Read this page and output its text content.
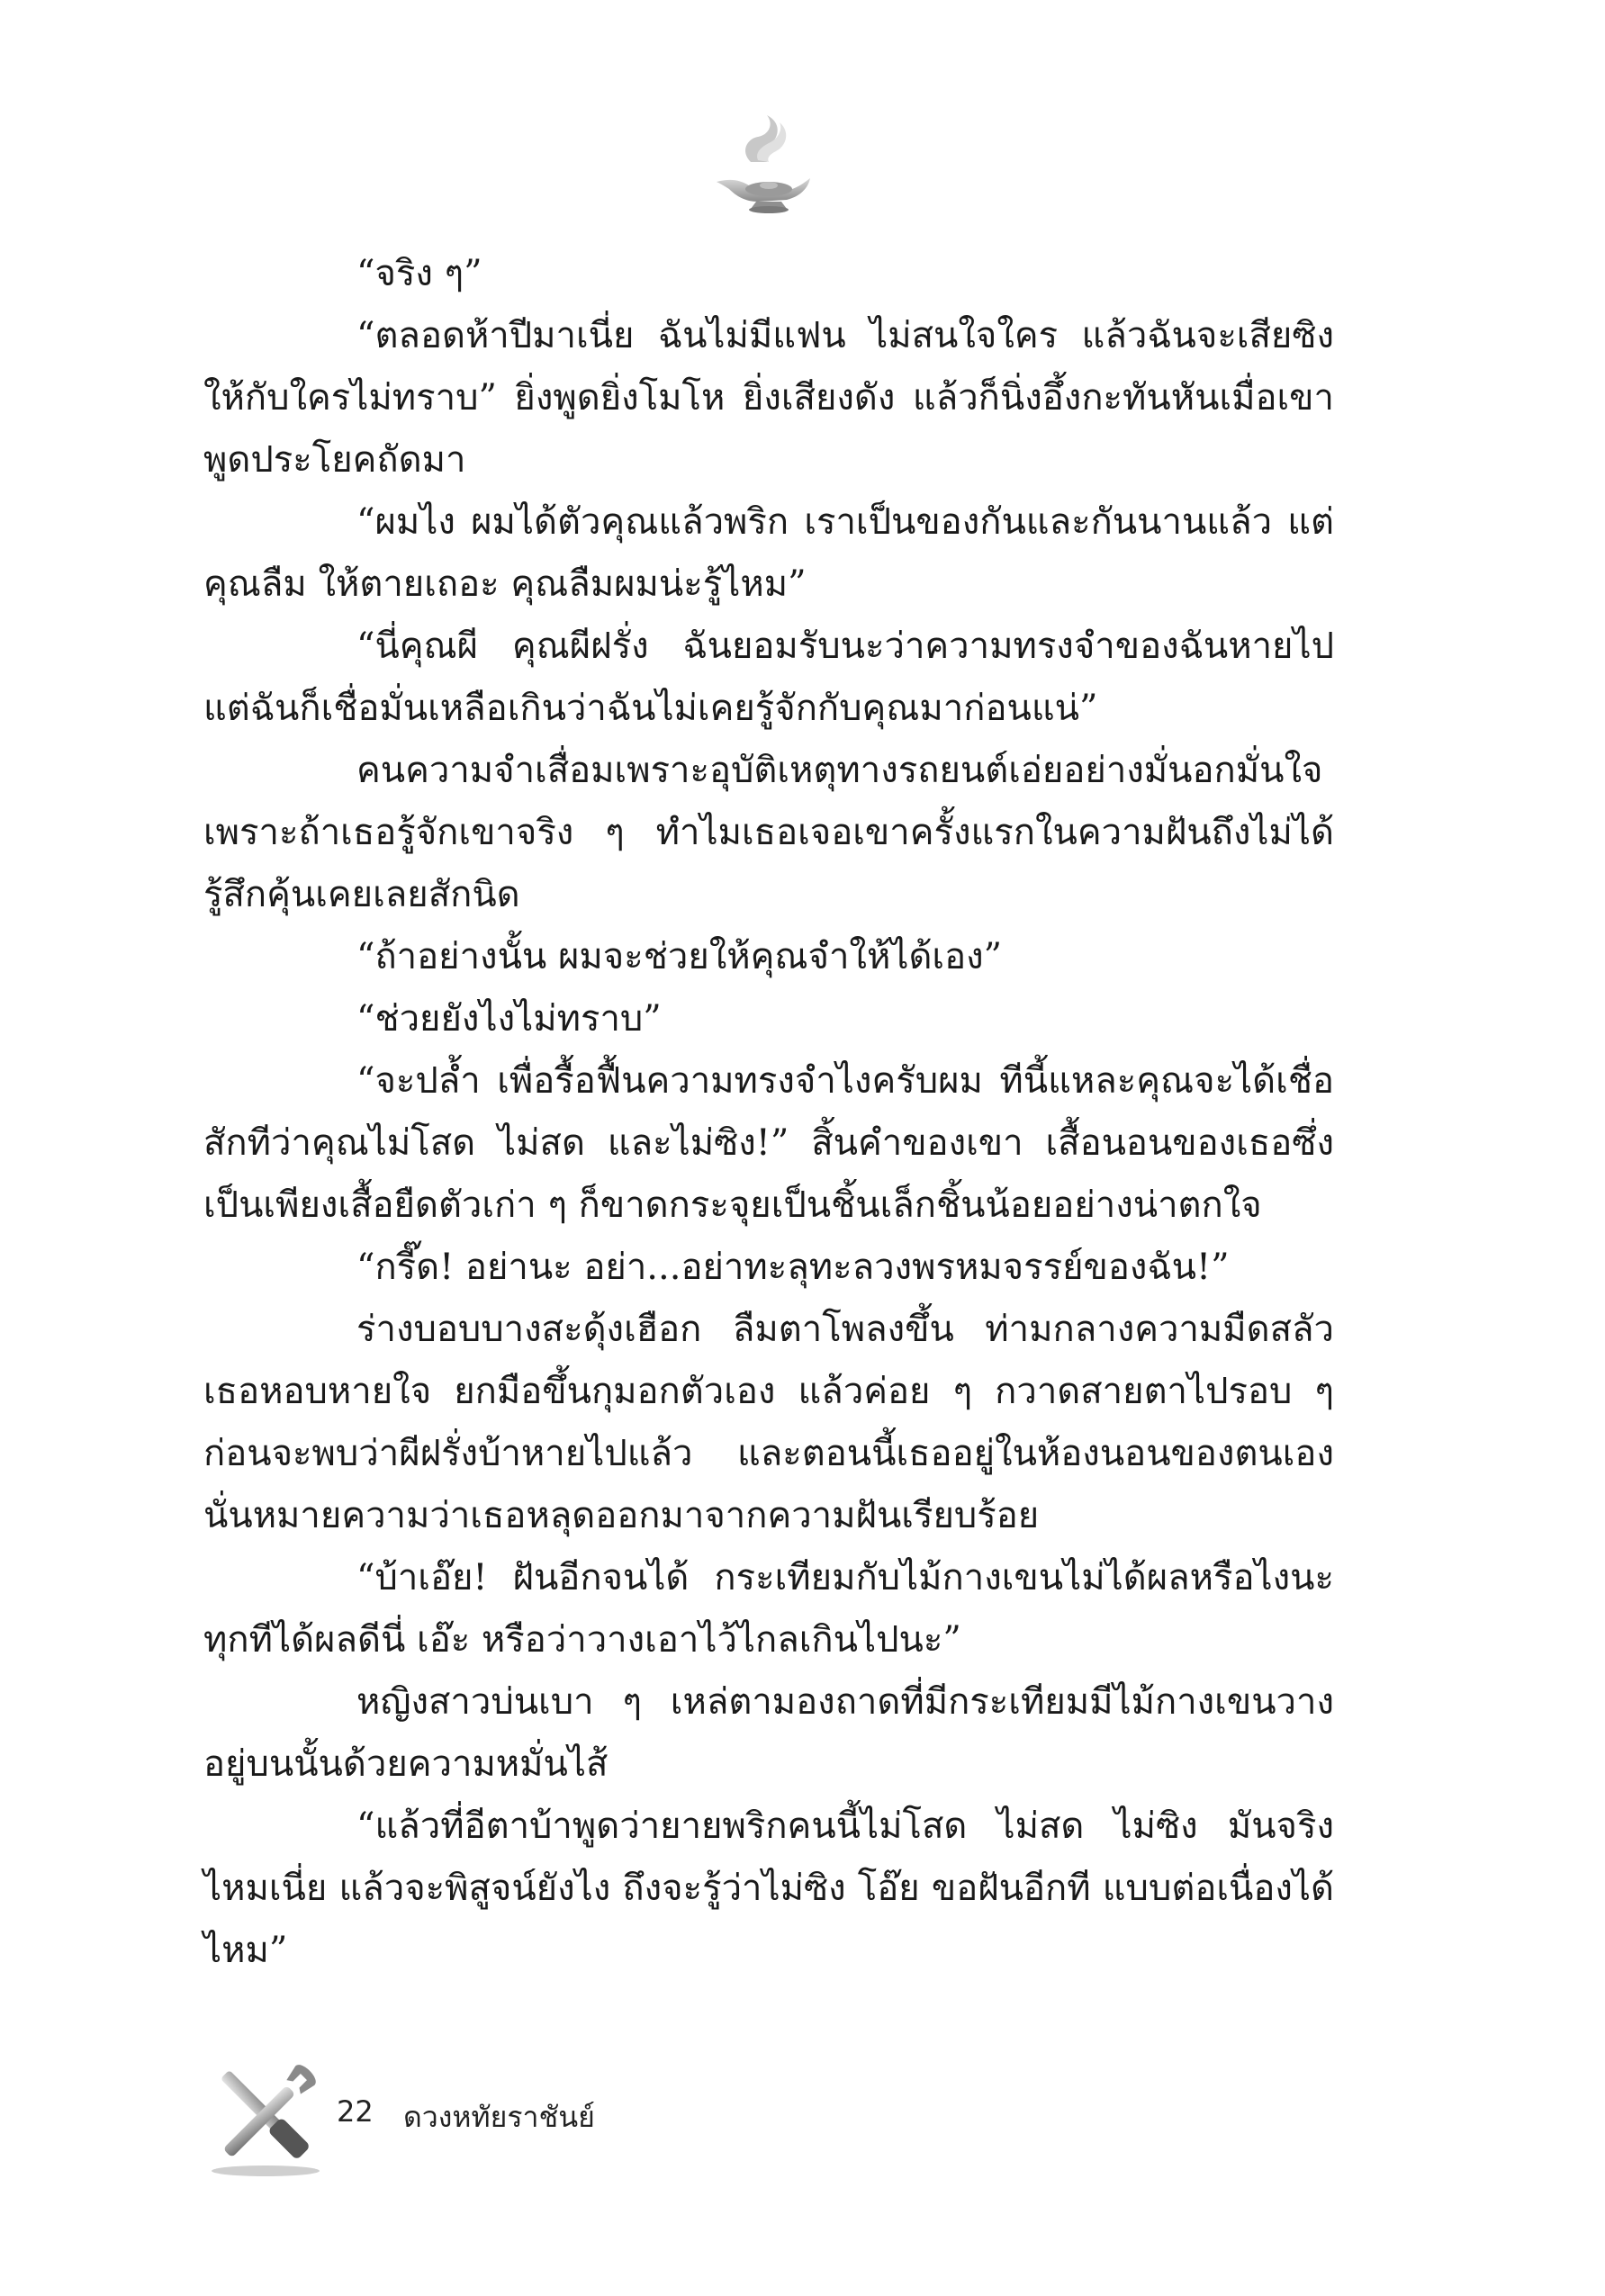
“จริง ๆ”

“ตลอดห้าปีมาเนี่ย ฉันไม่มีแฟน ไม่สนใจใคร แล้วฉันจะเสียซิงให้กับใครไม่ทราบ” ยิ่งพูดยิ่งโมโห ยิ่งเสียงดัง แล้วก็นิ่งอึ้งกะทันหันเมื่อเขาพูดประโยคถัดมา

“ผมไง ผมได้ตัวคุณแล้วพริก เราเป็นของกันและกันนานแล้ว แต่คุณลืม ให้ตายเถอะ คุณลืมผมน่ะรู้ไหม”

“นี่คุณผี คุณผีฝรั่ง ฉันยอมรับนะว่าความทรงจำของฉันหายไป แต่ฉันก็เชื่อมั่นเหลือเกินว่าฉันไม่เคยรู้จักกับคุณมาก่อนแน่”

คนความจำเสื่อมเพราะอุบัติเหตุทางรถยนต์เอ่ยอย่างมั่นอกมั่นใจ เพราะถ้าเธอรู้จักเขาจริง ๆ ทำไมเธอเจอเขาครั้งแรกในความฝันถึงไม่ได้รู้สึกคุ้นเคยเลยสักนิด

“ถ้าอย่างนั้น ผมจะช่วยให้คุณจำให้ได้เอง”

“ช่วยยังไงไม่ทราบ”

“จะปล้ำ เพื่อรื้อฟื้นความทรงจำไงครับผม ทีนี้แหละคุณจะได้เชื่อสักทีว่าคุณไม่โสด ไม่สด และไม่ซิง!” สิ้นคำของเขา เสื้อนอนของเธอซึ่งเป็นเพียงเสื้อยืดตัวเก่า ๆ ก็ขาดกระจุยเป็นชิ้นเล็กชิ้นน้อยอย่างน่าตกใจ

“กรี๊ด! อย่านะ อย่า...อย่าทะลุทะลวงพรหมจรรย์ของฉัน!”

ร่างบอบบางสะดุ้งเฮือก ลืมตาโพลงขึ้น ท่ามกลางความมืดสลัว เธอหอบหายใจ ยกมือขึ้นกุมอกตัวเอง แล้วค่อย ๆ กวาดสายตาไปรอบ ๆ ก่อนจะพบว่าผีฝรั่งบ้าหายไปแล้ว และตอนนี้เธออยู่ในห้องนอนของตนเอง นั่นหมายความว่าเธอหลุดออกมาจากความฝันเรียบร้อย

“บ้าเอ๊ย! ฝันอีกจนได้ กระเทียมกับไม้กางเขนไม่ได้ผลหรือไงนะ ทุกทีได้ผลดีนี่ เอ๊ะ หรือว่าวางเอาไว้ไกลเกินไปนะ”

หญิงสาวบ่นเบา ๆ เหล่ตามองถาดที่มีกระเทียมมีไม้กางเขนวางอยู่บนนั้นด้วยความหมั่นไส้

“แล้วที่อีตาบ้าพูดว่ายายพริกคนนี้ไม่โสด ไม่สด ไม่ซิง มันจริงไหมเนี่ย แล้วจะพิสูจน์ยังไง ถึงจะรู้ว่าไม่ซิง โอ๊ย ขอฝันอีกที แบบต่อเนื่องได้ไหม”

22 ดวงหทัยราชันย์
